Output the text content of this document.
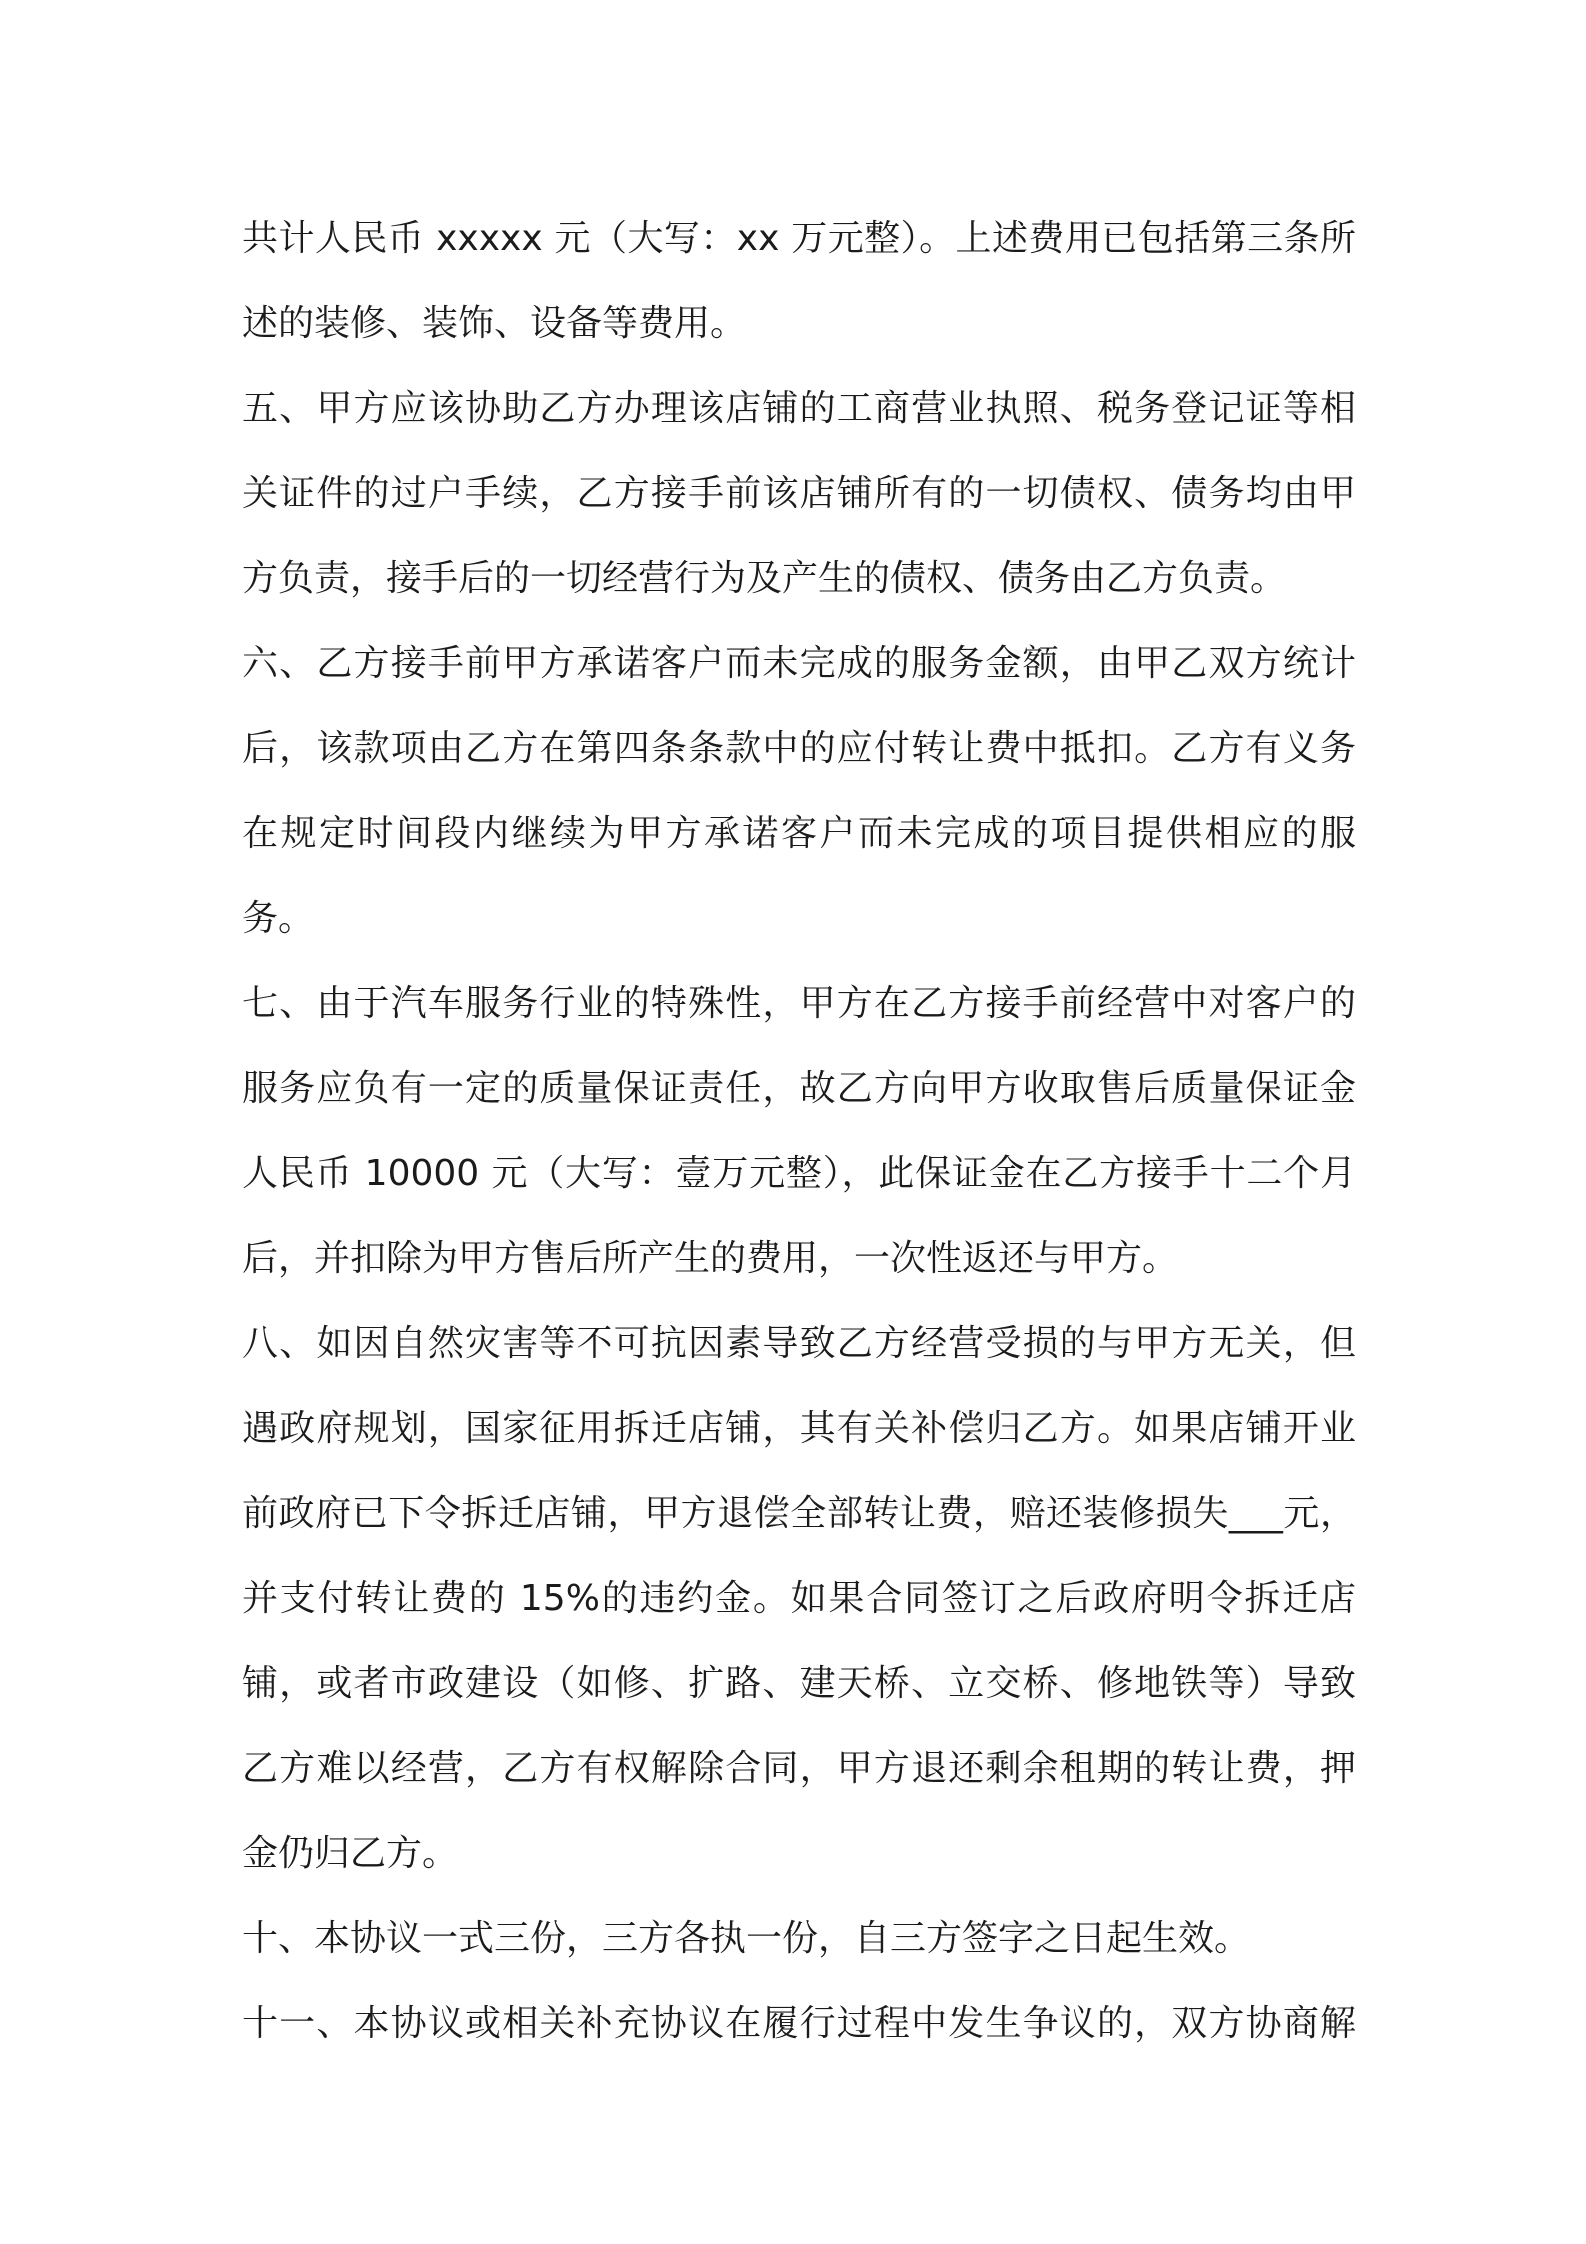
共计人民币 xxxxx 元（大写：xx 万元整）。上述费用已包括第三条所
述的装修、装饰、设备等费用。
五、甲方应该协助乙方办理该店铺的工商营业执照、税务登记证等相
关证件的过户手续，乙方接手前该店铺所有的一切债权、债务均由甲
方负责，接手后的一切经营行为及产生的债权、债务由乙方负责。
六、乙方接手前甲方承诺客户而未完成的服务金额，由甲乙双方统计
后，该款项由乙方在第四条条款中的应付转让费中抵扣。乙方有义务
在规定时间段内继续为甲方承诺客户而未完成的项目提供相应的服
务。
七、由于汽车服务行业的特殊性，甲方在乙方接手前经营中对客户的
服务应负有一定的质量保证责任，故乙方向甲方收取售后质量保证金
人民币 10000 元（大写：壹万元整），此保证金在乙方接手十二个月
后，并扣除为甲方售后所产生的费用，一次性返还与甲方。
八、如因自然灾害等不可抗因素导致乙方经营受损的与甲方无关，但
遇政府规划，国家征用拆迁店铺，其有关补偿归乙方。如果店铺开业
前政府已下令拆迁店铺，甲方退偿全部转让费，赔还装修损失___元，
并支付转让费的 15%的违约金。如果合同签订之后政府明令拆迁店
铺，或者市政建设（如修、扩路、建天桥、立交桥、修地铁等）导致
乙方难以经营，乙方有权解除合同，甲方退还剩余租期的转让费，押
金仍归乙方。
十、本协议一式三份，三方各执一份，自三方签字之日起生效。
十一、本协议或相关补充协议在履行过程中发生争议的，双方协商解
